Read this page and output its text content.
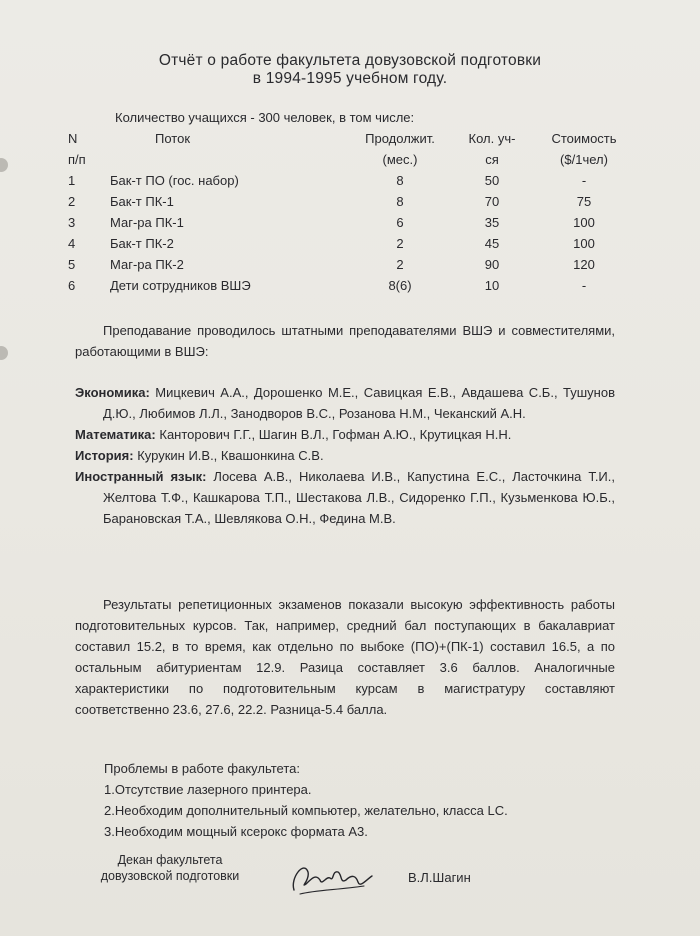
Отчёт о работе факультета довузовской подготовки
в 1994-1995 учебном году.
Количество учащихся - 300 человек, в том числе:
N	Поток	Продолжит.	Кол. уч-	Стоимость
п/п		(мес.)	ся	($/1чел)
1	Бак-т ПО (гос. набор)	8	50	-
2	Бак-т ПК-1	8	70	75
3	Маг-ра ПК-1	6	35	100
4	Бак-т ПК-2	2	45	100
5	Маг-ра ПК-2	2	90	120
6	Дети сотрудников ВШЭ	8(6)	10	-
Преподавание проводилось штатными преподавателями ВШЭ и совместителями, работающими в ВШЭ:
Экономика: Мицкевич А.А., Дорошенко М.Е., Савицкая Е.В., Авдашева С.Б., Тушунов Д.Ю., Любимов Л.Л., Занодворов В.С., Розанова Н.М., Чеканский А.Н.
Математика: Канторович Г.Г., Шагин В.Л., Гофман А.Ю., Крутицкая Н.Н.
История: Курукин И.В., Квашонкина С.В.
Иностранный язык: Лосева А.В., Николаева И.В., Капустина Е.С., Ласточкина Т.И., Желтова Т.Ф., Кашкарова Т.П., Шестакова Л.В., Сидоренко Г.П., Кузьменкова Ю.Б., Барановская Т.А., Шевлякова О.Н., Федина М.В.
Результаты репетиционных экзаменов показали высокую эффективность работы подготовительных курсов. Так, например, средний бал поступающих в бакалавриат составил 15.2, в то время, как отдельно по выбоке (ПО)+(ПК-1) составил 16.5, а по остальным абитуриентам 12.9. Разица составляет 3.6 баллов. Аналогичные характеристики по подготовительным курсам в магистратуру составляют соответственно 23.6, 27.6, 22.2. Разница-5.4 балла.
Проблемы в работе факультета:
1.Отсутствие лазерного принтера.
2.Необходим дополнительный компьютер, желательно, класса LC.
3.Необходим мощный ксерокс формата А3.
Декан факультета
довузовской подготовки	В.Л.Шагин
